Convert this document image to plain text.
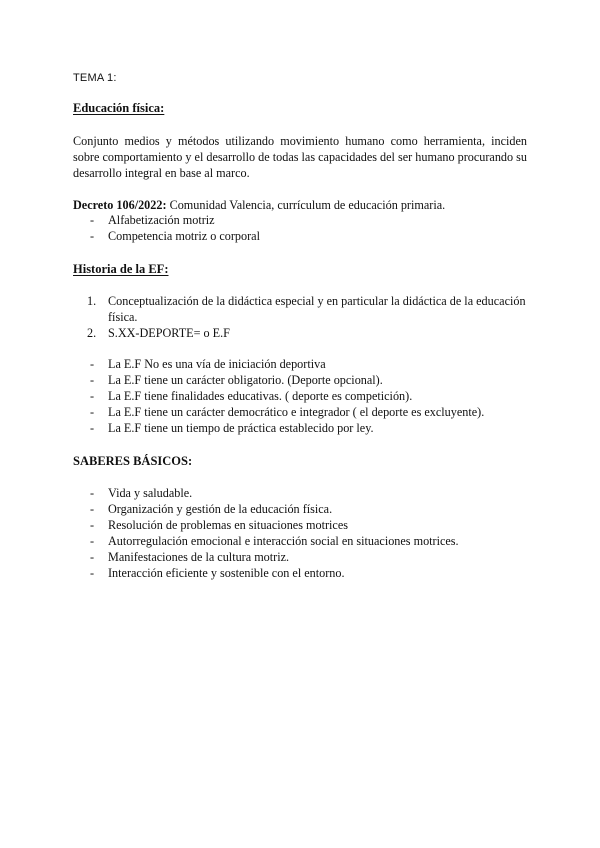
TEMA 1:
Educación física:
Conjunto medios y métodos utilizando movimiento humano como herramienta, inciden sobre comportamiento y el desarrollo de todas las capacidades del ser humano procurando su desarrollo integral en base al marco.
Decreto 106/2022: Comunidad Valencia, currículum de educación primaria.
- Alfabetización motriz
- Competencia motriz o corporal
Historia de la EF:
1. Conceptualización de la didáctica especial y en particular la didáctica de la educación física.
2. S.XX-DEPORTE= o E.F
- La E.F No es una vía de iniciación deportiva
- La E.F tiene un carácter obligatorio. (Deporte opcional).
- La E.F tiene finalidades educativas. ( deporte es competición).
- La E.F tiene un carácter democrático e integrador ( el deporte es excluyente).
- La E.F tiene un tiempo de práctica establecido por ley.
SABERES BÁSICOS:
- Vida y saludable.
- Organización y gestión de la educación física.
- Resolución de problemas en situaciones motrices
- Autorregulación emocional e interacción social en situaciones motrices.
- Manifestaciones de la cultura motriz.
- Interacción eficiente y sostenible con el entorno.
